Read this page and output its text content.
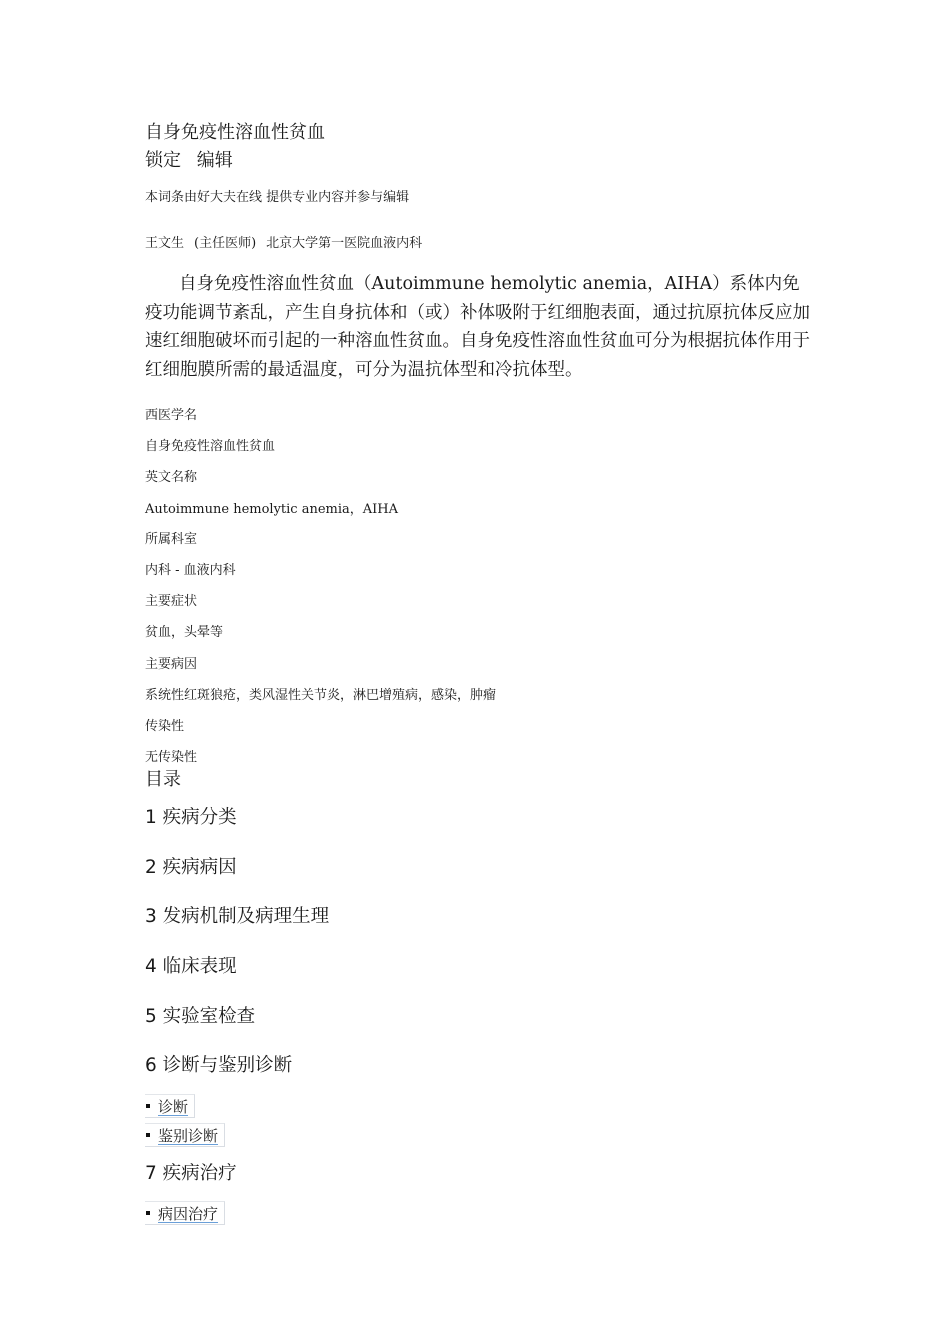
自身免疫性溶血性贫血
锁定 编辑
本词条由好大夫在线 提供专业内容并参与编辑
王文生 (主任医师) 北京大学第一医院血液内科
自身免疫性溶血性贫血（Autoimmune hemolytic anemia，AIHA）系体内免疫功能调节紊乱，产生自身抗体和（或）补体吸附于红细胞表面，通过抗原抗体反应加速红细胞破坏而引起的一种溶血性贫血。自身免疫性溶血性贫血可分为根据抗体作用于红细胞膜所需的最适温度，可分为温抗体型和冷抗体型。
西医学名
自身免疫性溶血性贫血
英文名称
Autoimmune hemolytic anemia，AIHA
所属科室
内科 - 血液内科
主要症状
贫血，头晕等
主要病因
系统性红斑狼疮，类风湿性关节炎，淋巴增殖病，感染，肿瘤
传染性
无传染性
目录
1 疾病分类
2 疾病病因
3 发病机制及病理生理
4 临床表现
5 实验室检查
6 诊断与鉴别诊断
诊断
鉴别诊断
7 疾病治疗
病因治疗
